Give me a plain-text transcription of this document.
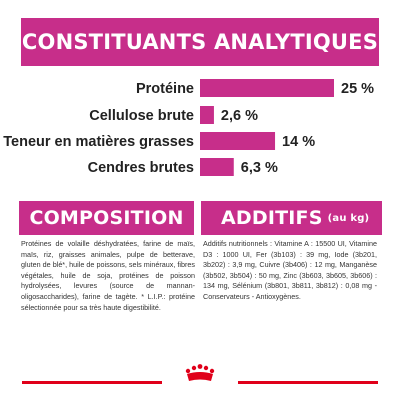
CONSTITUANTS ANALYTIQUES
Protéine	25 %
Cellulose brute 2,6 %
Teneur en matières grasses	14 %
Cendres brutes	6,3 %
COMPOSITION

Protéines de volaille déshydratées, farine de maïs, maïs, riz, graisses animales, pulpe de betterave, gluten de blé*, huile de poissons, sels minéraux, fibres végétales, huile de soja, protéines de poisson hydrolysées, levures (source de mannan-oligosaccharides), farine de tagète. * L.I.P.: protéine sélectionnée pour sa très haute digestibilité.

ADDITIFS (au kg)

Additifs nutritionnels : Vitamine A : 15500 UI, Vitamine D3 : 1000 UI, Fer (3b103) : 39 mg, Iode (3b201, 3b202) : 3,9 mg, Cuivre (3b406) : 12 mg, Manganèse (3b502, 3b504) : 50 mg, Zinc (3b603, 3b605, 3b606) : 134 mg, Sélénium (3b801, 3b811, 3b812) : 0,08 mg - Conservateurs - Antioxygènes.
